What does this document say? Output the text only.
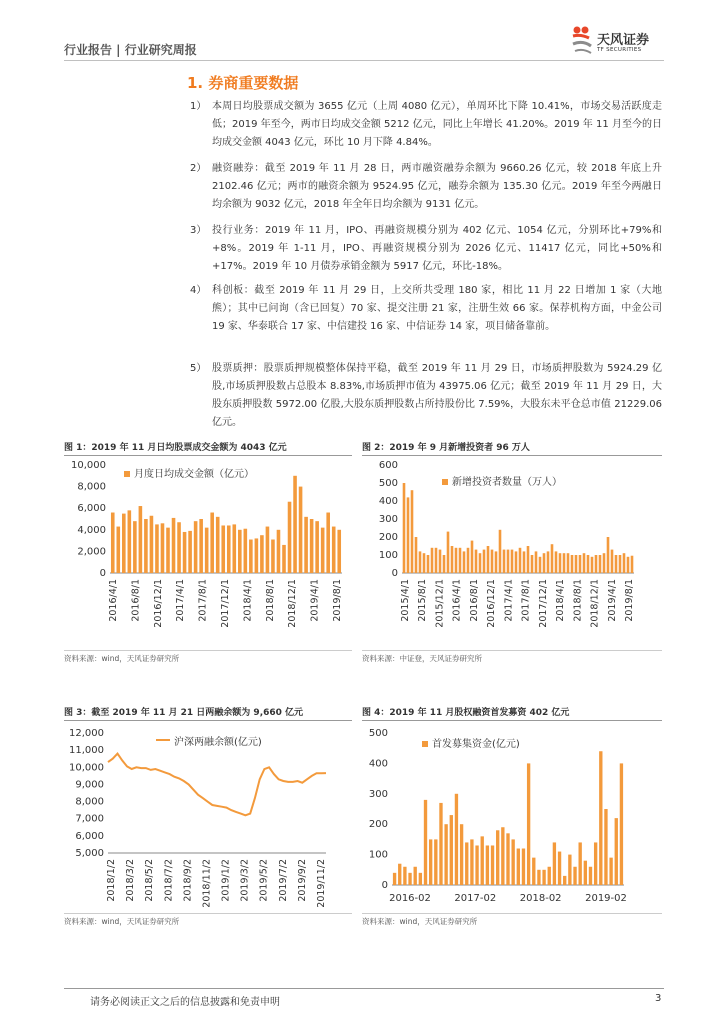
行业报告 | 行业研究周报
天风证券
TF SECURITIES
1. 券商重要数据
1） 本周日均股票成交额为 3655 亿元（上周 4080 亿元），单周环比下降 10.41%，市场交易活跃度走低；2019 年至今，两市日均成交金额 5212 亿元，同比上年增长 41.20%。2019 年 11 月至今的日均成交金额 4043 亿元，环比 10 月下降 4.84%。
2） 融资融券：截至 2019 年 11 月 28 日，两市融资融券余额为 9660.26 亿元，较 2018 年底上升 2102.46 亿元；两市的融资余额为 9524.95 亿元，融券余额为 135.30 亿元。2019 年至今两融日均余额为 9032 亿元，2018 年全年日均余额为 9131 亿元。
3） 投行业务：2019 年 11 月，IPO、再融资规模分别为 402 亿元、1054 亿元，分别环比+79%和+8%。2019 年 1-11 月，IPO、再融资规模分别为 2026 亿元、11417 亿元，同比+50%和+17%。2019 年 10 月债券承销金额为 5917 亿元，环比-18%。
4） 科创板：截至 2019 年 11 月 29 日，上交所共受理 180 家，相比 11 月 22 日增加 1 家（大地熊）；其中已问询（含已回复）70 家、提交注册 21 家，注册生效 66 家。保荐机构方面，中金公司 19 家、华泰联合 17 家、中信建投 16 家、中信证券 14 家，项目储备靠前。
5） 股票质押：股票质押规模整体保持平稳，截至 2019 年 11 月 29 日，市场质押股数为 5924.29 亿股,市场质押股数占总股本 8.83%,市场质押市值为 43975.06 亿元；截至 2019 年 11 月 29 日，大股东质押股数 5972.00 亿股,大股东质押股数占所持股份比 7.59%，大股东未平仓总市值 21229.06 亿元。
图 1：2019 年 11 月日均股票成交金额为 4043 亿元	图 2：2019 年 9 月新增投资者 96 万人
0
2,000
4,000
6,000
8,000
10,000
月度日均成交金额（亿元）
2016/4/1 2016/8/1 2016/12/1 2017/4/1 2017/8/1 2017/12/1 2018/4/1 2018/8/1 2018/12/1 2019/4/1 2019/8/1
0
100
200
300
400
500
600
新增投资者数量（万人）
2015/4/1 2015/8/1 2015/12/1 2016/4/1 2016/8/1 2016/12/1 2017/4/1 2017/8/1 2017/12/1 2018/4/1 2018/8/1 2018/12/1 2019/4/1 2019/8/1
资料来源：wind，天风证券研究所	资料来源：中证登，天风证券研究所
图 3：截至 2019 年 11 月 21 日两融余额为 9,660 亿元	图 4：2019 年 11 月股权融资首发募资 402 亿元
5,000
6,000
7,000
8,000
9,000
10,000
11,000
12,000
沪深两融余额(亿元)
2018/1/2 2018/3/2 2018/5/2 2018/7/2 2018/9/2 2018/11/2 2019/1/2 2019/3/2 2019/5/2 2019/7/2 2019/9/2 2019/11/2	0
100
200
300
400
500
首发募集资金(亿元)
2016-02 2017-02 2018-02 2019-02
资料来源：wind，天风证券研究所	资料来源：wind，天风证券研究所
请务必阅读正文之后的信息披露和免责申明	3
